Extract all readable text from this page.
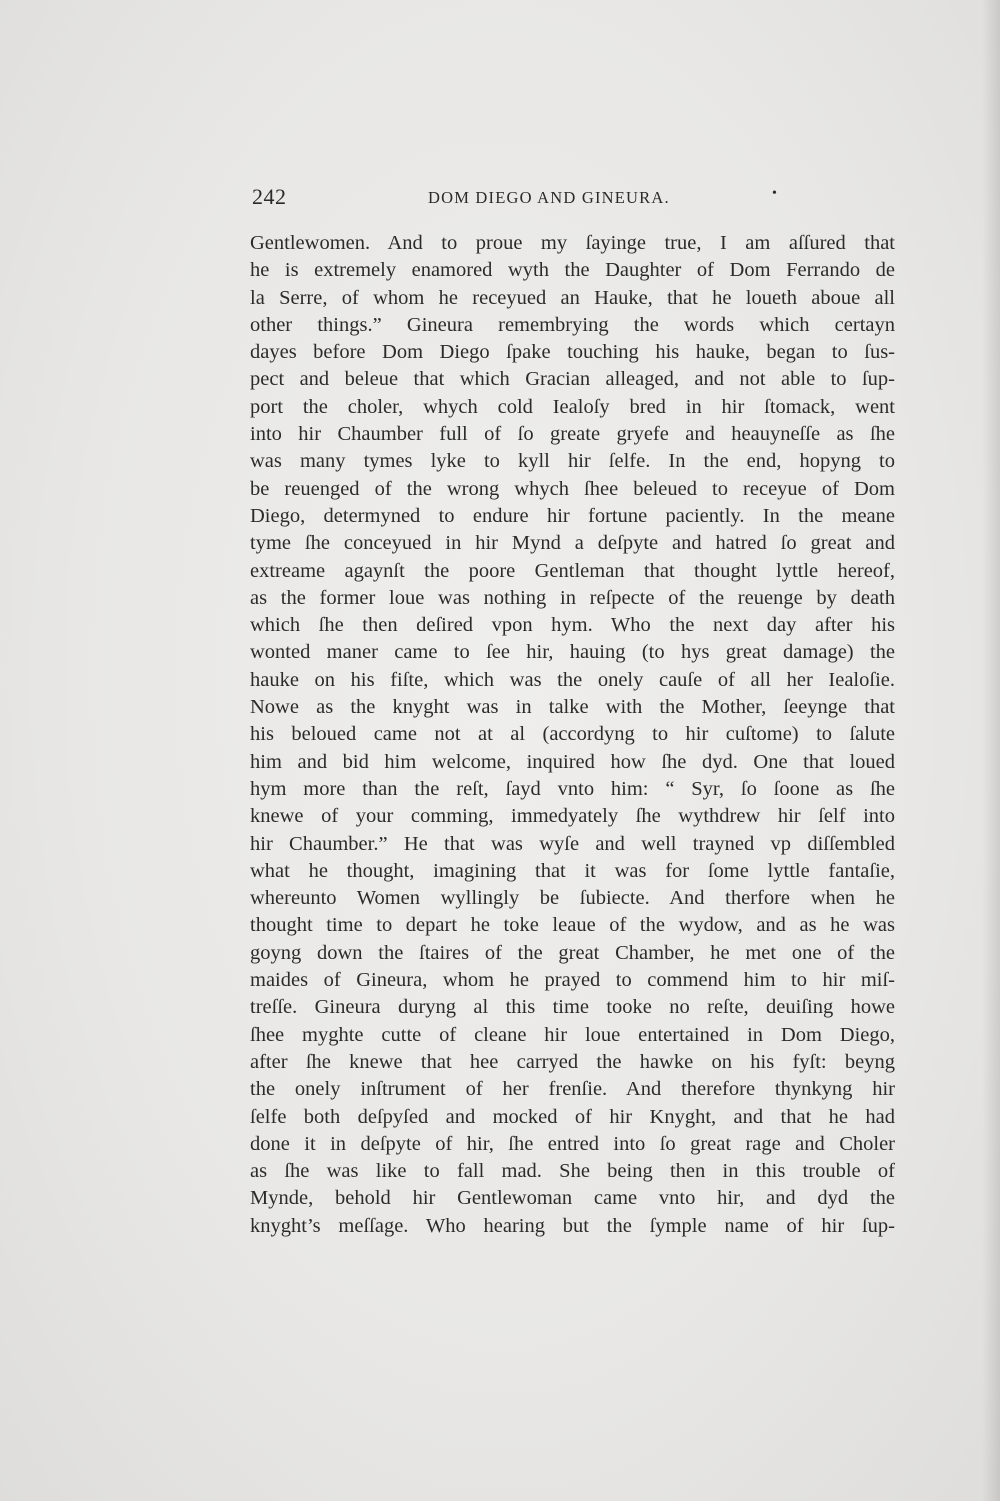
242	DOM DIEGO AND GINEURA.	•
Gentlewomen. And to proue my ſayinge true, I am aſſured that
he is extremely enamored wyth the Daughter of Dom Ferrando de
la Serre, of whom he receyued an Hauke, that he loueth aboue all
other things.” Gineura remembrying the words which certayn
dayes before Dom Diego ſpake touching his hauke, began to ſus-
pect and beleue that which Gracian alleaged, and not able to ſup-
port the choler, whych cold Iealoſy bred in hir ſtomack, went
into hir Chaumber full of ſo greate gryefe and heauyneſſe as ſhe
was many tymes lyke to kyll hir ſelfe. In the end, hopyng to
be reuenged of the wrong whych ſhee beleued to receyue of Dom
Diego, determyned to endure hir fortune paciently. In the meane
tyme ſhe conceyued in hir Mynd a deſpyte and hatred ſo great and
extreame agaynſt the poore Gentleman that thought lyttle hereof,
as the former loue was nothing in reſpecte of the reuenge by death
which ſhe then deſired vpon hym. Who the next day after his
wonted maner came to ſee hir, hauing (to hys great damage) the
hauke on his fiſte, which was the onely cauſe of all her Iealoſie.
Nowe as the knyght was in talke with the Mother, ſeeynge that
his beloued came not at al (accordyng to hir cuſtome) to ſalute
him and bid him welcome, inquired how ſhe dyd. One that loued
hym more than the reſt, ſayd vnto him: “ Syr, ſo ſoone as ſhe
knewe of your comming, immedyately ſhe wythdrew hir ſelf into
hir Chaumber.” He that was wyſe and well trayned vp diſſembled
what he thought, imagining that it was for ſome lyttle fantaſie,
whereunto Women wyllingly be ſubiecte. And therfore when he
thought time to depart he toke leaue of the wydow, and as he was
goyng down the ſtaires of the great Chamber, he met one of the
maides of Gineura, whom he prayed to commend him to hir miſ-
treſſe. Gineura duryng al this time tooke no reſte, deuiſing howe
ſhee myghte cutte of cleane hir loue entertained in Dom Diego,
after ſhe knewe that hee carryed the hawke on his fyſt: beyng
the onely inſtrument of her frenſie. And therefore thynkyng hir
ſelfe both deſpyſed and mocked of hir Knyght, and that he had
done it in deſpyte of hir, ſhe entred into ſo great rage and Choler
as ſhe was like to fall mad. She being then in this trouble of
Mynde, behold hir Gentlewoman came vnto hir, and dyd the
knyght’s meſſage. Who hearing but the ſymple name of hir ſup-
